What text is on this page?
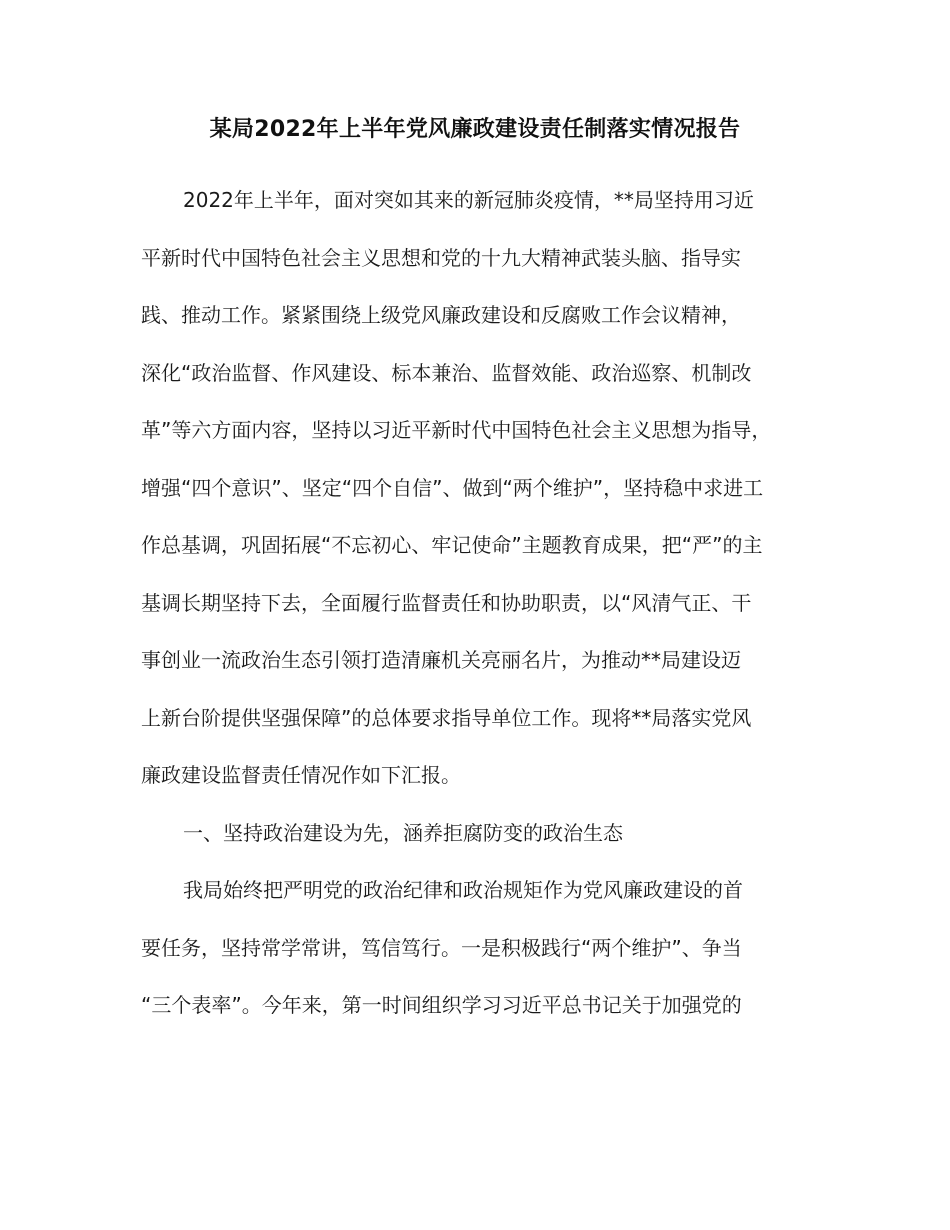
某局2022年上半年党风廉政建设责任制落实情况报告
2022年上半年，面对突如其来的新冠肺炎疫情，**局坚持用习近
平新时代中国特色社会主义思想和党的十九大精神武装头脑、指导实
践、推动工作。紧紧围绕上级党风廉政建设和反腐败工作会议精神，
深化“政治监督、作风建设、标本兼治、监督效能、政治巡察、机制改
革”等六方面内容，坚持以习近平新时代中国特色社会主义思想为指导，
增强“四个意识”、坚定“四个自信”、做到“两个维护”，坚持稳中求进工
作总基调，巩固拓展“不忘初心、牢记使命”主题教育成果，把“严”的主
基调长期坚持下去，全面履行监督责任和协助职责，以“风清气正、干
事创业一流政治生态引领打造清廉机关亮丽名片，为推动**局建设迈
上新台阶提供坚强保障”的总体要求指导单位工作。现将**局落实党风
廉政建设监督责任情况作如下汇报。
一、坚持政治建设为先，涵养拒腐防变的政治生态
我局始终把严明党的政治纪律和政治规矩作为党风廉政建设的首
要任务，坚持常学常讲，笃信笃行。一是积极践行“两个维护”、争当
“三个表率”。今年来，第一时间组织学习习近平总书记关于加强党的
